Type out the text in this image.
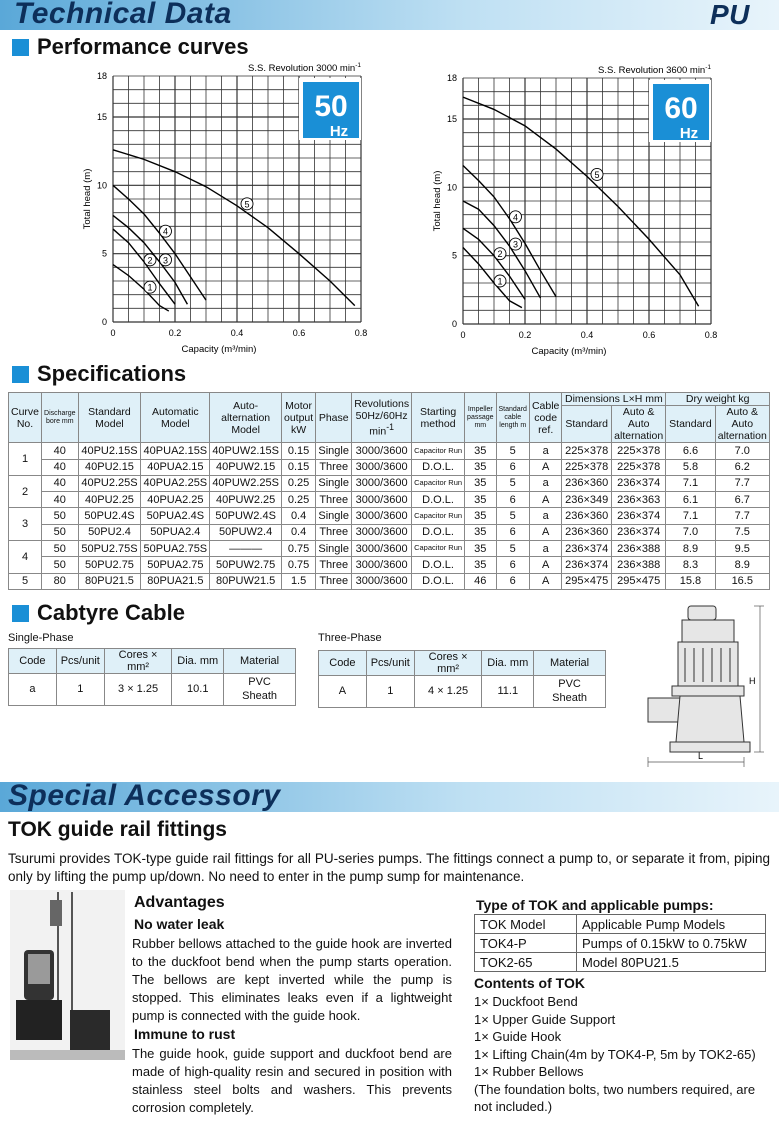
Technical Data	PU
Performance curves
0	0.2	0.4	0.6	0.8
0
5
10
15
18
Total head (m)
Capacity (m³/min)
S.S. Revolution 3000 $\min^{-1}$
50
Hz
1
2 3
4
5
0	0.2	0.4	0.6	0.8
0
5
10
15
18
Total head (m)
Capacity (m³/min)
S.S. Revolution 3600 $\min^{-1}$
60
Hz
1
2
3
4
5
Specifications
Curve No.	Discharge bore mm	Standard Model	Automatic Model	Auto-alternation Model	Motor output kW	Phase	Revolutions 50Hz/60Hz $\min^{-1}$	Starting method	Impeller passage mm	Standard cable length m	Cable code ref.	Dimensions L×H mm		Dry weight kg	
												Standard	Auto & Auto alternation	Standard	Auto & Auto alternation
1	40	40PU2.15S	40PUA2.15S	40PUW2.15S	0.15	Single	3000/3600	Capacitor Run	35	5	a	225×378	225×378	6.6	7.0
	40	40PU2.15	40PUA2.15	40PUW2.15	0.15	Three	3000/3600	D.O.L.	35	6	A	225×378	225×378	5.8	6.2
2	40	40PU2.25S	40PUA2.25S	40PUW2.25S	0.25	Single	3000/3600	Capacitor Run	35	5	a	236×360	236×374	7.1	7.7
	40	40PU2.25	40PUA2.25	40PUW2.25	0.25	Three	3000/3600	D.O.L.	35	6	A	236×349	236×363	6.1	6.7
3	50	50PU2.4S	50PUA2.4S	50PUW2.4S	0.4	Single	3000/3600	Capacitor Run	35	5	a	236×360	236×374	7.1	7.7
	50	50PU2.4	50PUA2.4	50PUW2.4	0.4	Three	3000/3600	D.O.L.	35	6	A	236×360	236×374	7.0	7.5
4	50	50PU2.75S	50PUA2.75S	———	0.75	Single	3000/3600	Capacitor Run	35	5	a	236×374	236×388	8.9	9.5
	50	50PU2.75	50PUA2.75	50PUW2.75	0.75	Three	3000/3600	D.O.L.	35	6	A	236×374	236×388	8.3	8.9
5	80	80PU21.5	80PUA21.5	80PUW21.5	1.5	Three	3000/3600	D.O.L.	46	6	A	295×475	295×475	15.8	16.5
Cabtyre Cable
Single-Phase
Code	Pcs/unit	Cores × mm²	Dia. mm	Material
a	1	3 × 1.25	10.1	PVC Sheath
Three-Phase
Code	Pcs/unit	Cores × mm²	Dia. mm	Material
A	1	4 × 1.25	11.1	PVC Sheath
H
L
Special Accessory
TOK guide rail fittings
Tsurumi provides TOK-type guide rail fittings for all PU-series pumps. The fittings connect a pump to, or separate it from, piping only by lifting the pump up/down. No need to enter in the pump sump for maintenance.
Advantages
No water leak
Rubber bellows attached to the guide hook are inverted to the duckfoot bend when the pump starts operation. The bellows are kept inverted while the pump is stopped. This eliminates leaks even if a lightweight pump is connected with the guide hook.
Immune to rust
The guide hook, guide support and duckfoot bend are made of high-quality resin and secured in position with stainless steel bolts and washers. This prevents corrosion completely.
Type of TOK and applicable pumps:
TOK Model	Applicable Pump Models
TOK4-P	Pumps of 0.15kW to 0.75kW
TOK2-65	Model 80PU21.5
Contents of TOK
1× Duckfoot Bend
1× Upper Guide Support
1× Guide Hook
1× Lifting Chain(4m by TOK4-P, 5m by TOK2-65)
1× Rubber Bellows
(The foundation bolts, two numbers required, are not included.)
